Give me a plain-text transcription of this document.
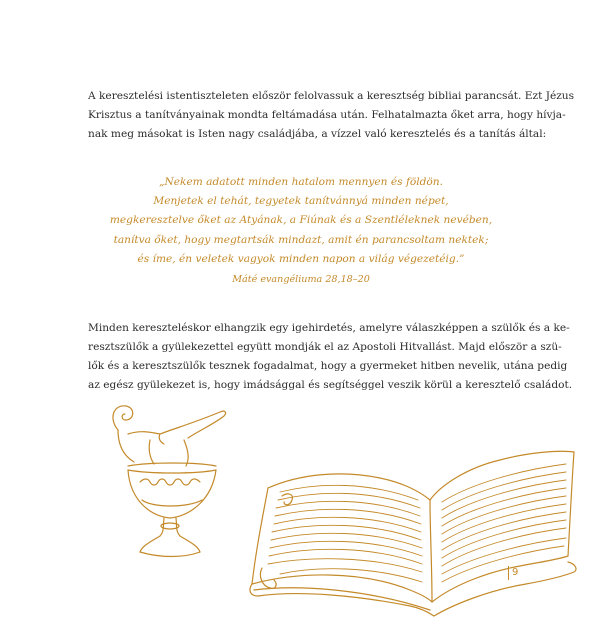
A keresztelési istentiszteleten először felolvassuk a keresztség bibliai parancsát. Ezt Jézus
Krisztus a tanítványainak mondta feltámadása után. Felhatalmazta őket arra, hogy hívja-
nak meg másokat is Isten nagy családjába, a vízzel való keresztelés és a tanítás által:

„Nekem adatott minden hatalom mennyen és földön.
Menjetek el tehát, tegyetek tanítvánnyá minden népet,
megkeresztelve őket az Atyának, a Fiúnak és a Szentléleknek nevében,
tanítva őket, hogy megtartsák mindazt, amit én parancsoltam nektek;
és íme, én veletek vagyok minden napon a világ végezetéig.”
Máté evangéliuma 28,18–20

Minden kereszteléskor elhangzik egy igehirdetés, amelyre válaszképpen a szülők és a ke-
resztszülők a gyülekezettel együtt mondják el az Apostoli Hitvallást. Majd először a szü-
lők és a keresztszülők tesznek fogadalmat, hogy a gyermeket hitben nevelik, utána pedig
az egész gyülekezet is, hogy imádsággal és segítséggel veszik körül a keresztelő családot.

9
